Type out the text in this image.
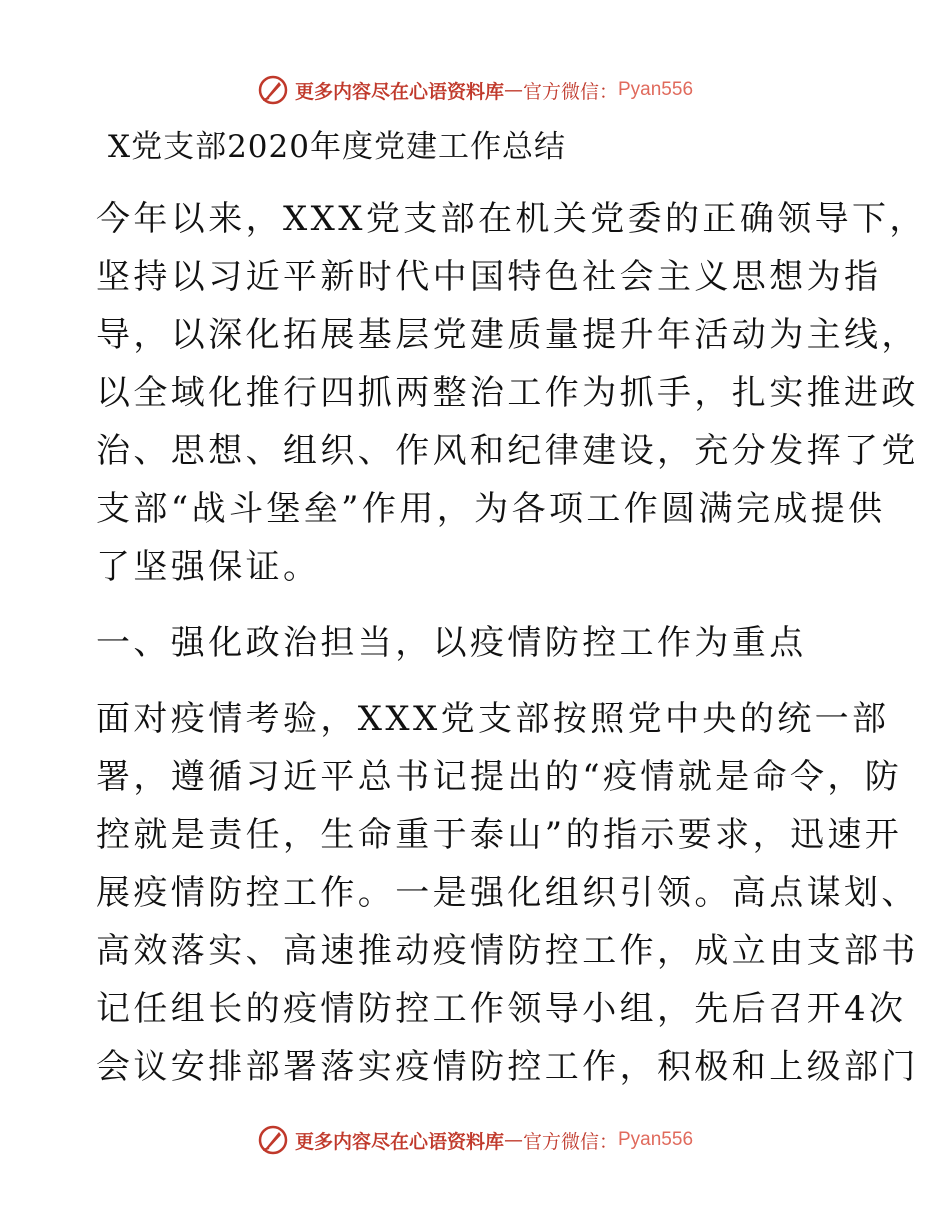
更多内容尽在心语资料库 — 官方微信： Pyan556
X党支部2020年度党建工作总结
今年以来，XXX党支部在机关党委的正确领导下，
坚持以习近平新时代中国特色社会主义思想为指
导，以深化拓展基层党建质量提升年活动为主线，
以全域化推行四抓两整治工作为抓手，扎实推进政
治、思想、组织、作风和纪律建设，充分发挥了党
支部“战斗堡垒”作用，为各项工作圆满完成提供
了坚强保证。
一、强化政治担当，以疫情防控工作为重点
面对疫情考验，XXX党支部按照党中央的统一部
署，遵循习近平总书记提出的“疫情就是命令，防
控就是责任，生命重于泰山”的指示要求，迅速开
展疫情防控工作。一是强化组织引领。高点谋划、
高效落实、高速推动疫情防控工作，成立由支部书
记任组长的疫情防控工作领导小组，先后召开4次
会议安排部署落实疫情防控工作，积极和上级部门
更多内容尽在心语资料库 — 官方微信： Pyan556
